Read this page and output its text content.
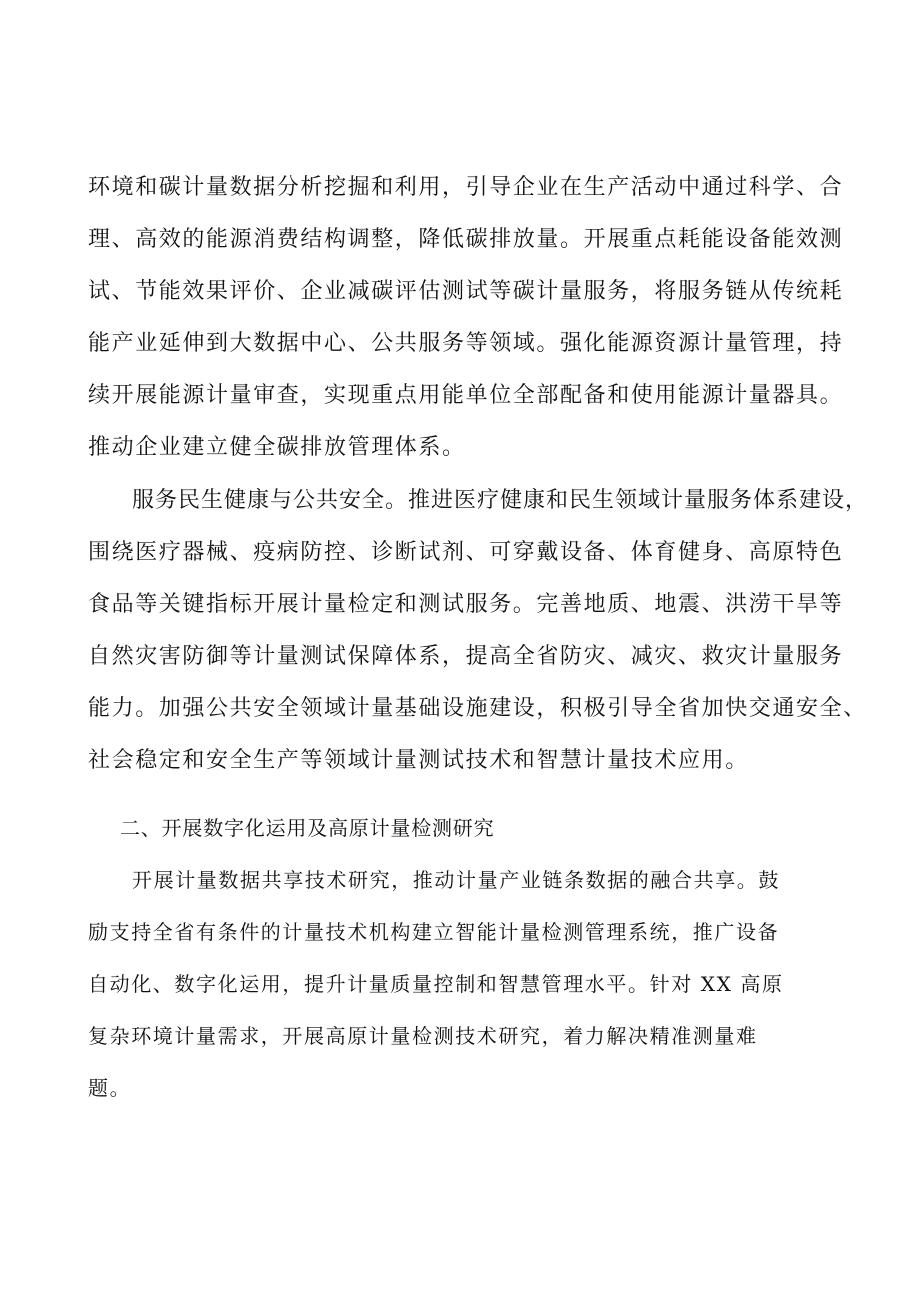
环境和碳计量数据分析挖掘和利用，引导企业在生产活动中通过科学、合
理、高效的能源消费结构调整，降低碳排放量。开展重点耗能设备能效测
试、节能效果评价、企业减碳评估测试等碳计量服务，将服务链从传统耗
能产业延伸到大数据中心、公共服务等领域。强化能源资源计量管理，持
续开展能源计量审查，实现重点用能单位全部配备和使用能源计量器具。
推动企业建立健全碳排放管理体系。
服务民生健康与公共安全。推进医疗健康和民生领域计量服务体系建设，
围绕医疗器械、疫病防控、诊断试剂、可穿戴设备、体育健身、高原特色
食品等关键指标开展计量检定和测试服务。完善地质、地震、洪涝干旱等
自然灾害防御等计量测试保障体系，提高全省防灾、减灾、救灾计量服务
能力。加强公共安全领域计量基础设施建设，积极引导全省加快交通安全、
社会稳定和安全生产等领域计量测试技术和智慧计量技术应用。
二、开展数字化运用及高原计量检测研究
开展计量数据共享技术研究，推动计量产业链条数据的融合共享。鼓
励支持全省有条件的计量技术机构建立智能计量检测管理系统，推广设备
自动化、数字化运用，提升计量质量控制和智慧管理水平。针对 XX 高原
复杂环境计量需求，开展高原计量检测技术研究，着力解决精准测量难
题。
